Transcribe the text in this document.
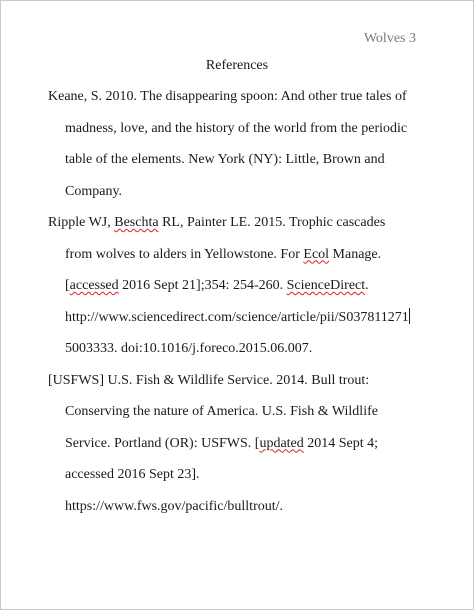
Wolves 3
References
Keane, S. 2010. The disappearing spoon: And other true tales of
madness, love, and the history of the world from the periodic
table of the elements. New York (NY): Little, Brown and
Company.
Ripple WJ, Beschta RL, Painter LE. 2015. Trophic cascades
from wolves to alders in Yellowstone. For Ecol Manage.
[accessed 2016 Sept 21];354: 254-260. ScienceDirect.
http://www.sciencedirect.com/science/article/pii/S037811271
5003333. doi:10.1016/j.foreco.2015.06.007.
[USFWS] U.S. Fish & Wildlife Service. 2014. Bull trout:
Conserving the nature of America. U.S. Fish & Wildlife
Service. Portland (OR): USFWS. [updated 2014 Sept 4;
accessed 2016 Sept 23].
https://www.fws.gov/pacific/bulltrout/.
